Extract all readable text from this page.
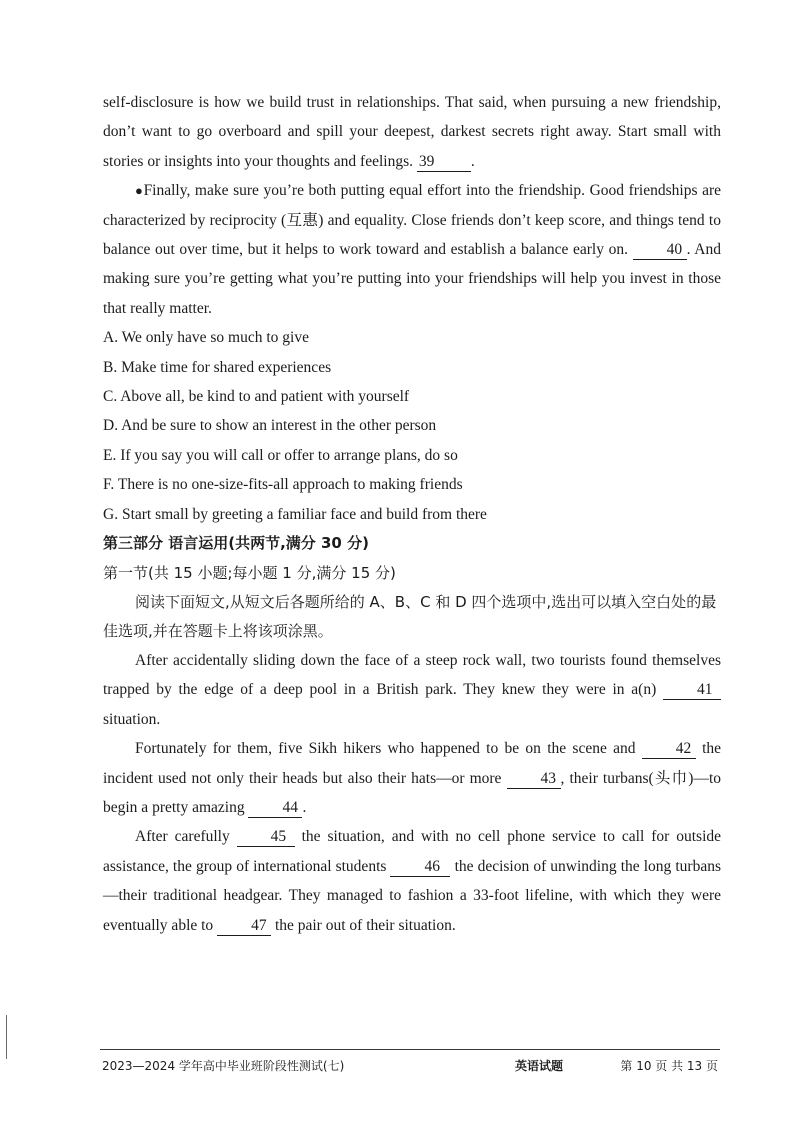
self-disclosure is how we build trust in relationships. That said, when pursuing a new friendship, don’t want to go overboard and spill your deepest, darkest secrets right away. Start small with stories or insights into your thoughts and feelings. 39 .

●Finally, make sure you’re both putting equal effort into the friendship. Good friendships are characterized by reciprocity (互惠) and equality. Close friends don’t keep score, and things tend to balance out over time, but it helps to work toward and establish a balance early on. 40 . And making sure you’re getting what you’re putting into your friendships will help you invest in those that really matter.

A. We only have so much to give

B. Make time for shared experiences

C. Above all, be kind to and patient with yourself

D. And be sure to show an interest in the other person

E. If you say you will call or offer to arrange plans, do so

F. There is no one-size-fits-all approach to making friends

G. Start small by greeting a familiar face and build from there

第三部分 语言运用(共两节,满分 30 分)

第一节(共 15 小题;每小题 1 分,满分 15 分)

阅读下面短文,从短文后各题所给的 A、B、C 和 D 四个选项中,选出可以填入空白处的最佳选项,并在答题卡上将该项涂黑。

After accidentally sliding down the face of a steep rock wall, two tourists found themselves trapped by the edge of a deep pool in a British park. They knew they were in a(n) 41 situation.

Fortunately for them, five Sikh hikers who happened to be on the scene and 42 the incident used not only their heads but also their hats—or more 43 , their turbans(头巾)—to begin a pretty amazing 44 .

After carefully 45 the situation, and with no cell phone service to call for outside assistance, the group of international students 46 the decision of unwinding the long turbans—their traditional headgear. They managed to fashion a 33-foot lifeline, with which they were eventually able to 47 the pair out of their situation.

2023—2024 学年高中毕业班阶段性测试(七)	英语试题	第 10 页 共 13 页
